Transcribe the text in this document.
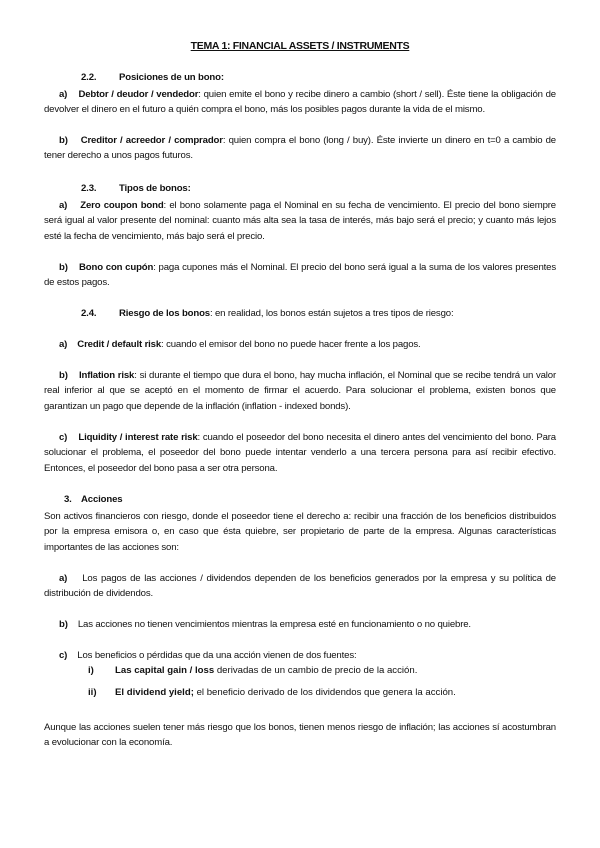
TEMA 1: FINANCIAL ASSETS / INSTRUMENTS
2.2. Posiciones de un bono:
a) Debtor / deudor / vendedor: quien emite el bono y recibe dinero a cambio (short / sell). Éste tiene la obligación de devolver el dinero en el futuro a quién compra el bono, más los posibles pagos durante la vida de el mismo.
b) Creditor / acreedor / comprador: quien compra el bono (long / buy). Éste invierte un dinero en t=0 a cambio de tener derecho a unos pagos futuros.
2.3. Tipos de bonos:
a) Zero coupon bond: el bono solamente paga el Nominal en su fecha de vencimiento. El precio del bono siempre será igual al valor presente del nominal: cuanto más alta sea la tasa de interés, más bajo será el precio; y cuanto más lejos esté la fecha de vencimiento, más bajo será el precio.
b) Bono con cupón: paga cupones más el Nominal. El precio del bono será igual a la suma de los valores presentes de estos pagos.
2.4. Riesgo de los bonos: en realidad, los bonos están sujetos a tres tipos de riesgo:
a) Credit / default risk: cuando el emisor del bono no puede hacer frente a los pagos.
b) Inflation risk: si durante el tiempo que dura el bono, hay mucha inflación, el Nominal que se recibe tendrá un valor real inferior al que se aceptó en el momento de firmar el acuerdo. Para solucionar el problema, existen bonos que garantizan un pago que depende de la inflación (inflation - indexed bonds).
c) Liquidity / interest rate risk: cuando el poseedor del bono necesita el dinero antes del vencimiento del bono. Para solucionar el problema, el poseedor del bono puede intentar venderlo a una tercera persona para así recibir efectivo. Entonces, el poseedor del bono pasa a ser otra persona.
3. Acciones
Son activos financieros con riesgo, donde el poseedor tiene el derecho a: recibir una fracción de los beneficios distribuidos por la empresa emisora o, en caso que ésta quiebre, ser propietario de parte de la empresa. Algunas características importantes de las acciones son:
a) Los pagos de las acciones / dividendos dependen de los beneficios generados por la empresa y su política de distribución de dividendos.
b) Las acciones no tienen vencimientos mientras la empresa esté en funcionamiento o no quiebre.
c) Los beneficios o pérdidas que da una acción vienen de dos fuentes:
i) Las capital gain / loss derivadas de un cambio de precio de la acción.
ii) El dividend yield; el beneficio derivado de los dividendos que genera la acción.
Aunque las acciones suelen tener más riesgo que los bonos, tienen menos riesgo de inflación; las acciones sí acostumbran a evolucionar con la economía.
